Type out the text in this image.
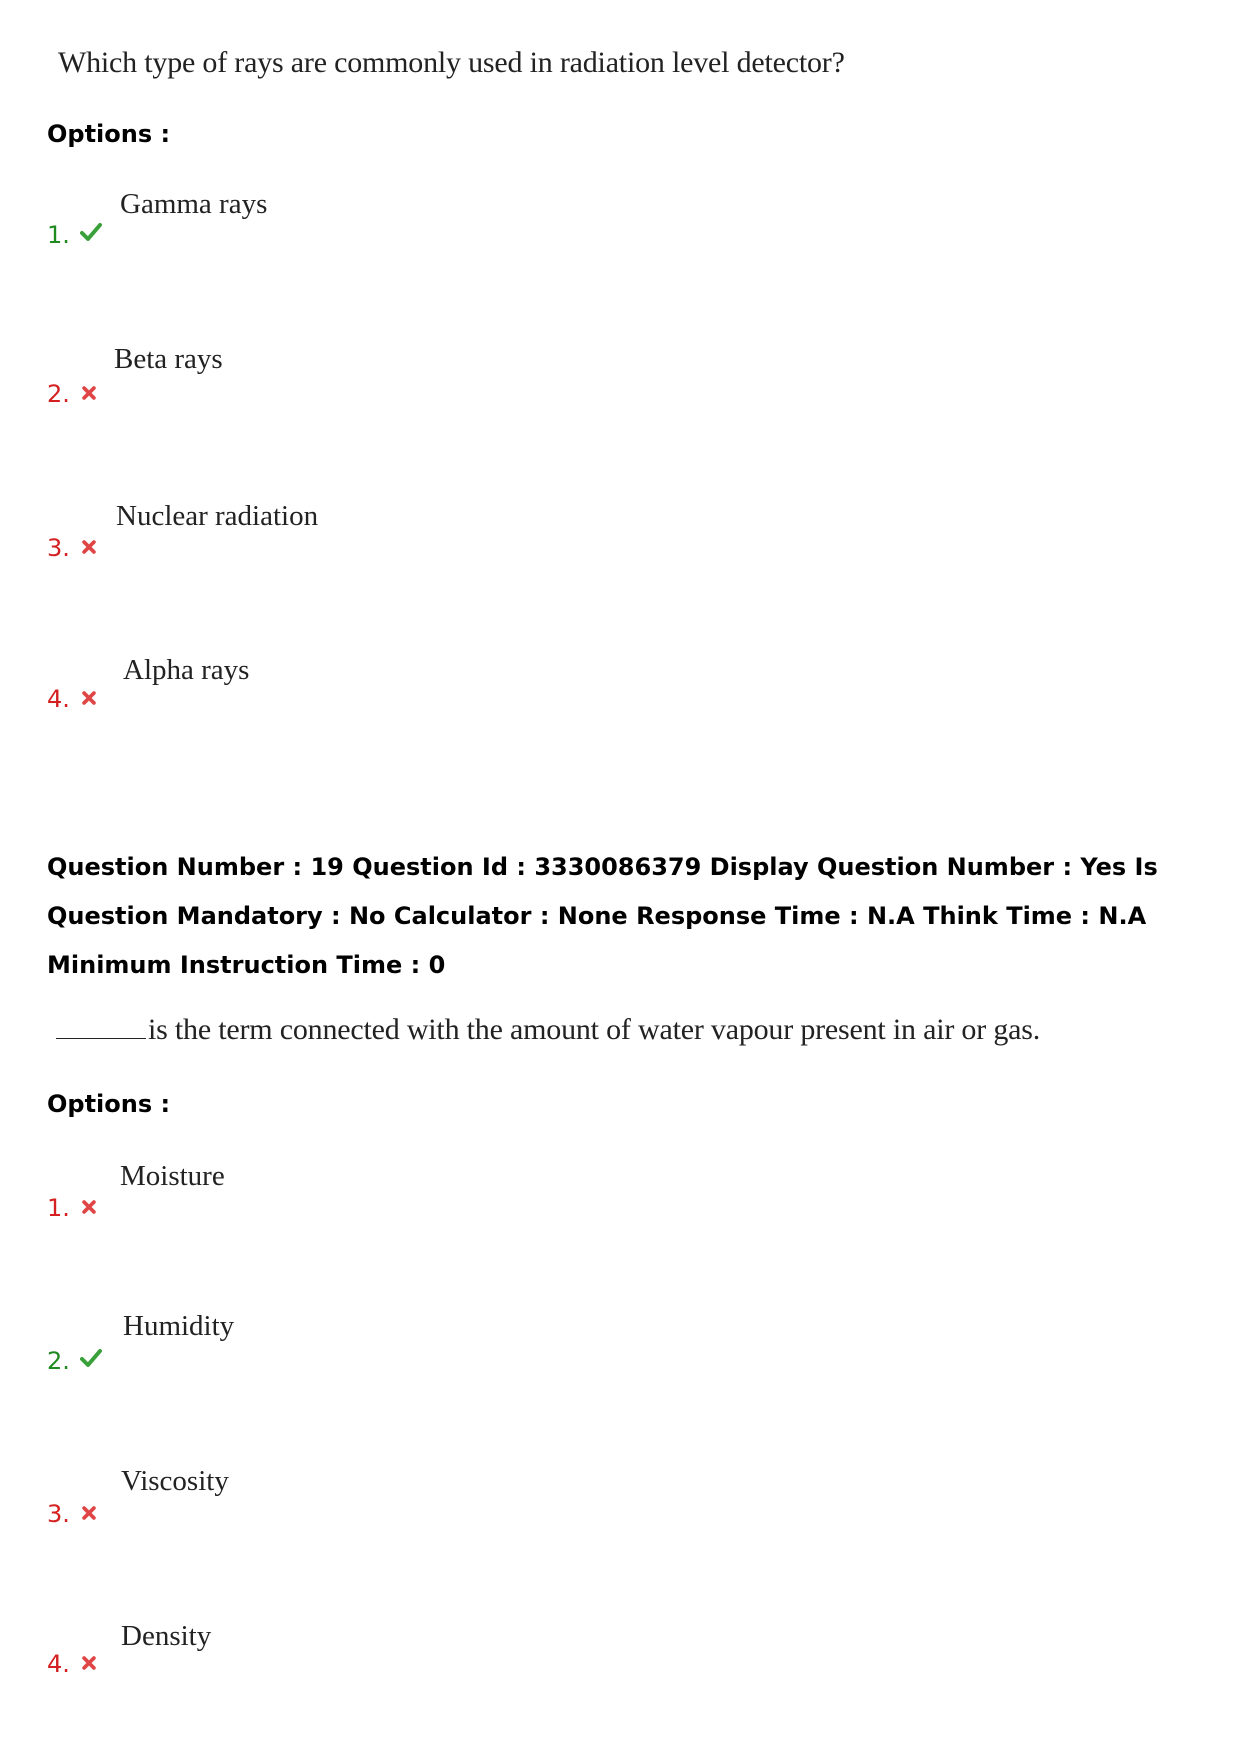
Which type of rays are commonly used in radiation level detector?
Options :
Gamma rays
1.
Beta rays
2.
Nuclear radiation
3.
Alpha rays
4.
Question Number : 19 Question Id : 3330086379 Display Question Number : Yes Is Question Mandatory : No Calculator : None Response Time : N.A Think Time : N.A Minimum Instruction Time : 0
is the term connected with the amount of water vapour present in air or gas.
Options :
Moisture
1.
Humidity
2.
Viscosity
3.
Density
4.
